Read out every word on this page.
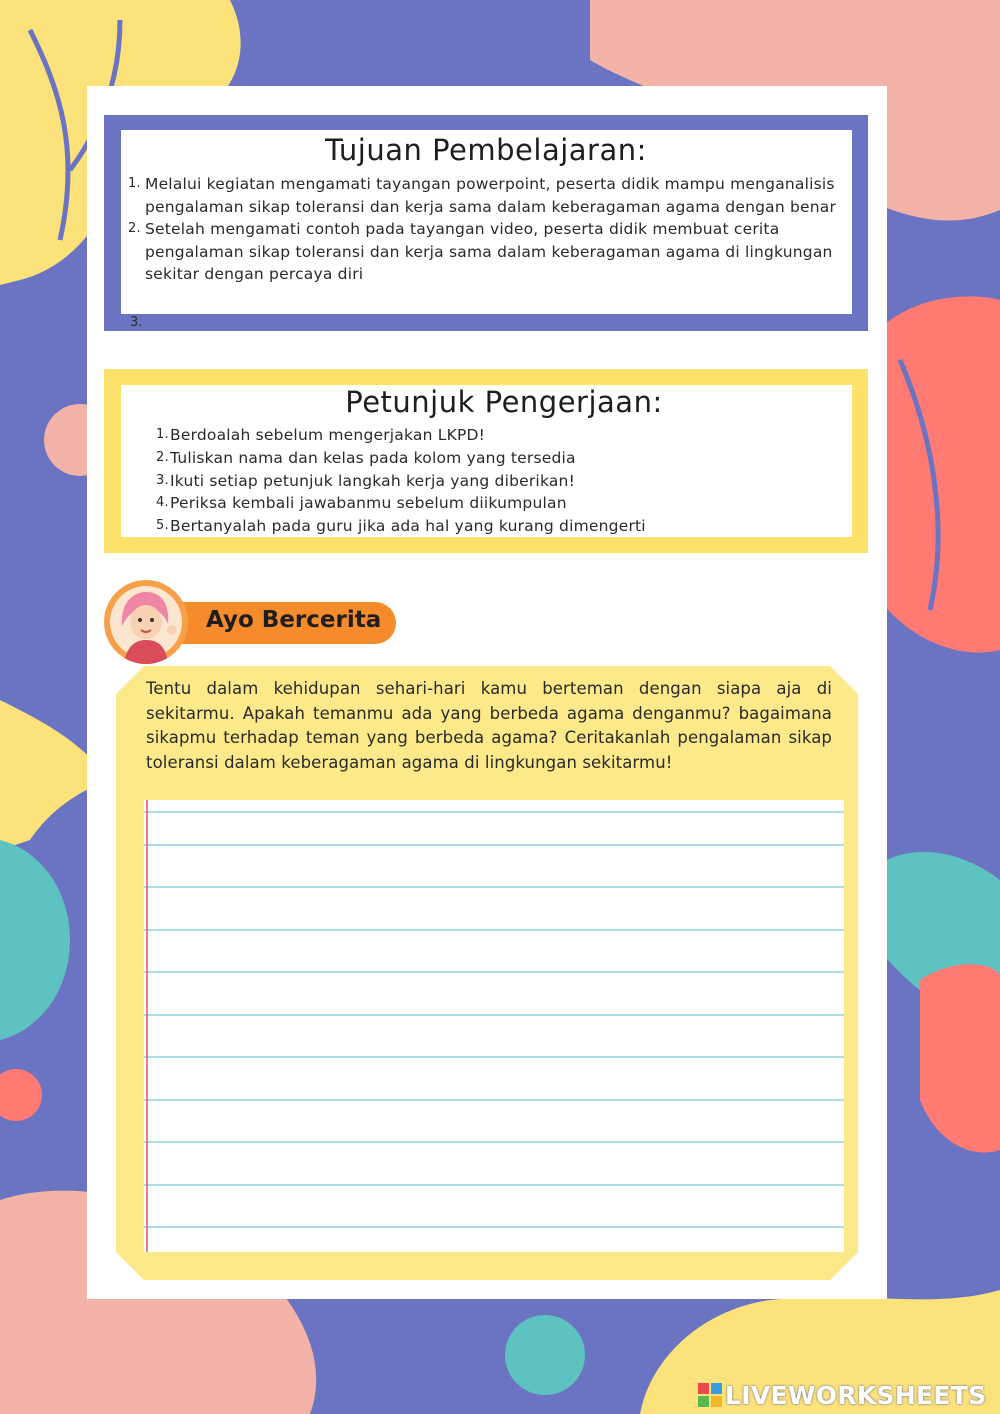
Tujuan Pembelajaran:
1. Melalui kegiatan mengamati tayangan powerpoint, peserta didik mampu menganalisis pengalaman sikap toleransi dan kerja sama dalam keberagaman agama dengan benar
2. Setelah mengamati contoh pada tayangan video, peserta didik membuat cerita pengalaman sikap toleransi dan kerja sama dalam keberagaman agama di lingkungan sekitar dengan percaya diri
3.
Petunjuk Pengerjaan:
1. Berdoalah sebelum mengerjakan LKPD!
2. Tuliskan nama dan kelas pada kolom yang tersedia
3. Ikuti setiap petunjuk langkah kerja yang diberikan!
4. Periksa kembali jawabanmu sebelum diikumpulan
5. Bertanyalah pada guru jika ada hal yang kurang dimengerti
Ayo Bercerita
Tentu dalam kehidupan sehari-hari kamu berteman dengan siapa aja di sekitarmu. Apakah temanmu ada yang berbeda agama denganmu? bagaimana sikapmu terhadap teman yang berbeda agama? Ceritakanlah pengalaman sikap toleransi dalam keberagaman agama di lingkungan sekitarmu!
LIVEWORKSHEETS
